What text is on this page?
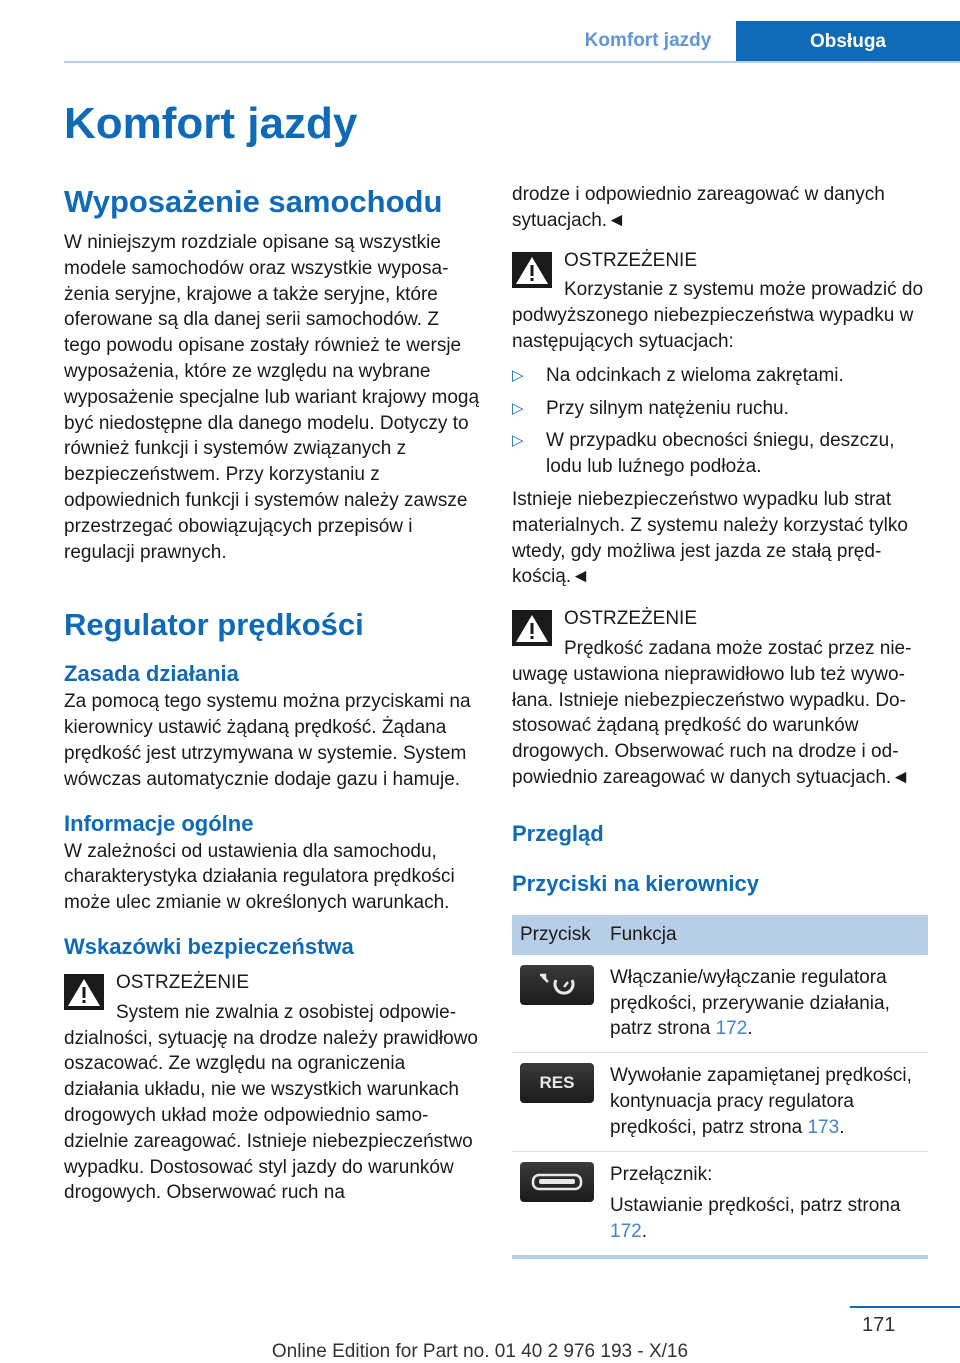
Komfort jazdy	Obsługa
Komfort jazdy
Wyposażenie samochodu

W niniejszym rozdziale opisane są wszystkie modele samochodów oraz wszystkie wyposażenia seryjne, krajowe a także seryjne, które oferowane są dla danej serii samochodów. Z tego powodu opisane zostały również te wersje wyposażenia, które ze względu na wybrane wyposażenie specjalne lub wariant krajowy mogą być niedostępne dla danego modelu. Dotyczy to również funkcji i systemów związanych z bezpieczeństwem. Przy korzystaniu z odpowiednich funkcji i systemów należy zawsze przestrzegać obowiązujących przepisów i regulacji prawnych.

Regulator prędkości
Zasada działania

Za pomocą tego systemu można przyciskami na kierownicy ustawić żądaną prędkość. Żądana prędkość jest utrzymywana w systemie. System wówczas automatycznie dodaje gazu i hamuje.

Informacje ogólne

W zależności od ustawienia dla samochodu, charakterystyka działania regulatora prędkości może ulec zmianie w określonych warunkach.

Wskazówki bezpieczeństwa
OSTRZEŻENIE

System nie zwalnia z osobistej odpowiedzialności, sytuację na drodze należy prawidłowo oszacować. Ze względu na ograniczenia działania układu, nie we wszystkich warunkach drogowych układ może odpowiednio samodzielnie zareagować. Istnieje niebezpieczeństwo wypadku. Dostosować styl jazdy do warunków drogowych. Obserwować ruch na

drodze i odpowiednio zareagować w danych sytuacjach.◄

OSTRZEŻENIE

Korzystanie z systemu może prowadzić do podwyższonego niebezpieczeństwa wypadku w następujących sytuacjach:

▷ Na odcinkach z wieloma zakrętami.
▷ Przy silnym natężeniu ruchu.
▷ W przypadku obecności śniegu, deszczu, lodu lub luźnego podłoża.

Istnieje niebezpieczeństwo wypadku lub strat materialnych. Z systemu należy korzystać tylko wtedy, gdy możliwa jest jazda ze stałą prędkością.◄

OSTRZEŻENIE

Prędkość zadana może zostać przez nieuwagę ustawiona nieprawidłowo lub też wywołana. Istnieje niebezpieczeństwo wypadku. Dostosować żądaną prędkość do warunków drogowych. Obserwować ruch na drodze i odpowiednio zareagować w danych sytuacjach.◄

Przegląd
Przyciski na kierownicy
Przycisk	Funkcja

	Włączanie/wyłączanie regulatora prędkości, przerywanie działania, patrz strona 172.

RES	Wywołanie zapamiętanej prędkości, kontynuacja pracy regulatora prędkości, patrz strona 173.

	Przełącznik:
Ustawianie prędkości, patrz strona 172.
171
Online Edition for Part no. 01 40 2 976 193 - X/16
